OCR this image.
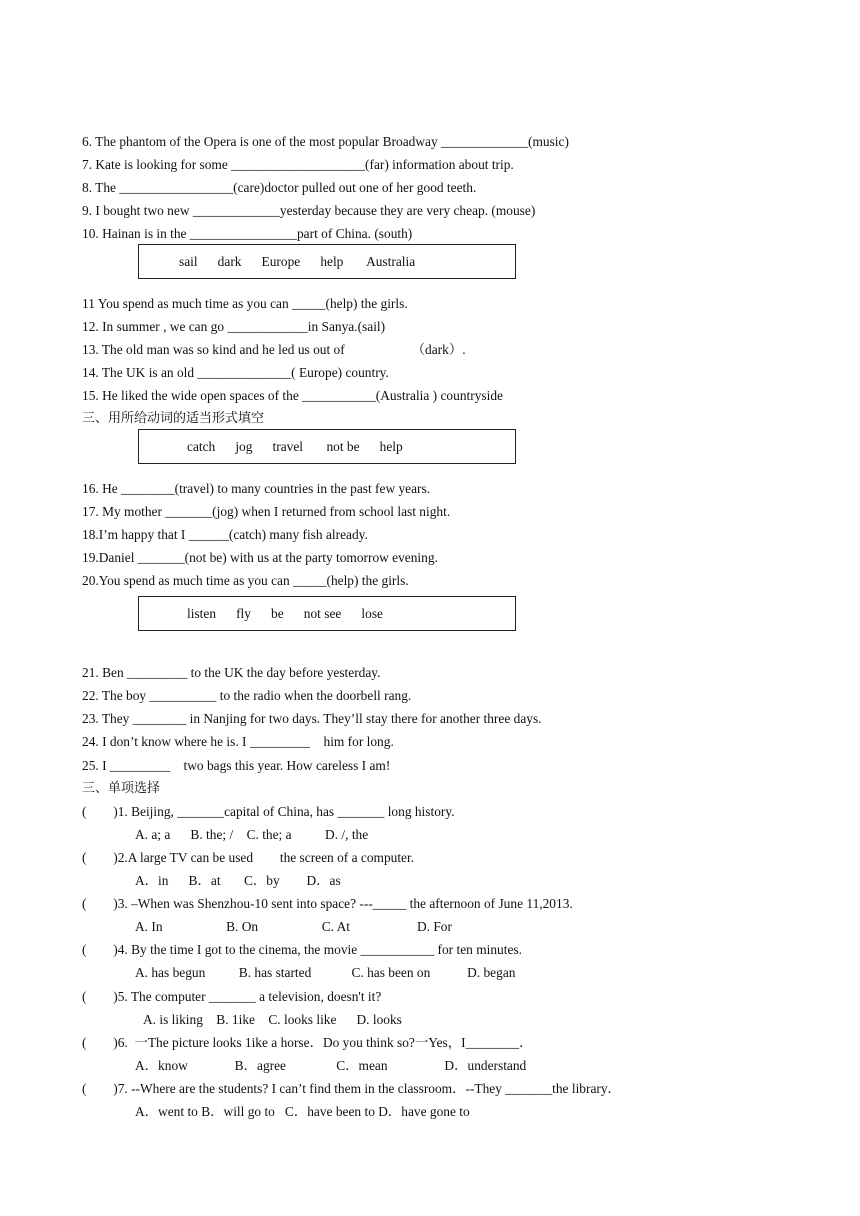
6. The phantom of the Opera is one of the most popular Broadway _____________(music)
7. Kate is looking for some ____________________(far) information about trip.
8. The _________________(care)doctor pulled out one of her good teeth.
9. I bought two new _____________yesterday because they are very cheap. (mouse)
10. Hainan is in the ________________part of China. (south)
sail      dark      Europe      help       Australia
11 You spend as much time as you can _____(help) the girls.
12. In summer , we can go ____________in Sanya.(sail)
13. The old man was so kind and he led us out of                    （dark）.
14. The UK is an old ______________( Europe) country.
15. He liked the wide open spaces of the ___________(Australia ) countryside
三、用所给动词的适当形式填空
catch      jog      travel       not be      help
16. He ________(travel) to many countries in the past few years.
17. My mother _______(jog) when I returned from school last night.
18.I’m happy that I ______(catch) many fish already.
19.Daniel _______(not be) with us at the party tomorrow evening.
20.You spend as much time as you can _____(help) the girls.
listen      fly      be      not see      lose
21. Ben _________ to the UK the day before yesterday.
22. The boy __________ to the radio when the doorbell rang.
23. They ________ in Nanjing for two days. They’ll stay there for another three days.
24. I don’t know where he is. I _________    him for long.
25. I _________    two bags this year. How careless I am!
三、单项选择
(        )1. Beijing, _______capital of China, has _______ long history.
A. a; a      B. the; /    C. the; a          D. /, the
(        )2.A large TV can be used        the screen of a computer.
A．in      B．at       C．by        D．as
(        )3. –When was Shenzhou-10 sent into space? ---_____ the afternoon of June 11,2013.
A. In                   B. On                   C. At                    D. For
(        )4. By the time I got to the cinema, the movie ___________ for ten minutes.
A. has begun          B. has started            C. has been on           D. began
(        )5. The computer _______ a television, doesn't it?
A. is liking    B. 1ike    C. looks like      D. looks
(        )6.  一The picture looks 1ike a horse．Do you think so?一Yes，I________．
A．know              B．agree               C．mean                 D．understand
(        )7. --Where are the students? I can’t find them in the classroom．--They _______the library．
A．went to B．will go to   C．have been to D．have gone to
